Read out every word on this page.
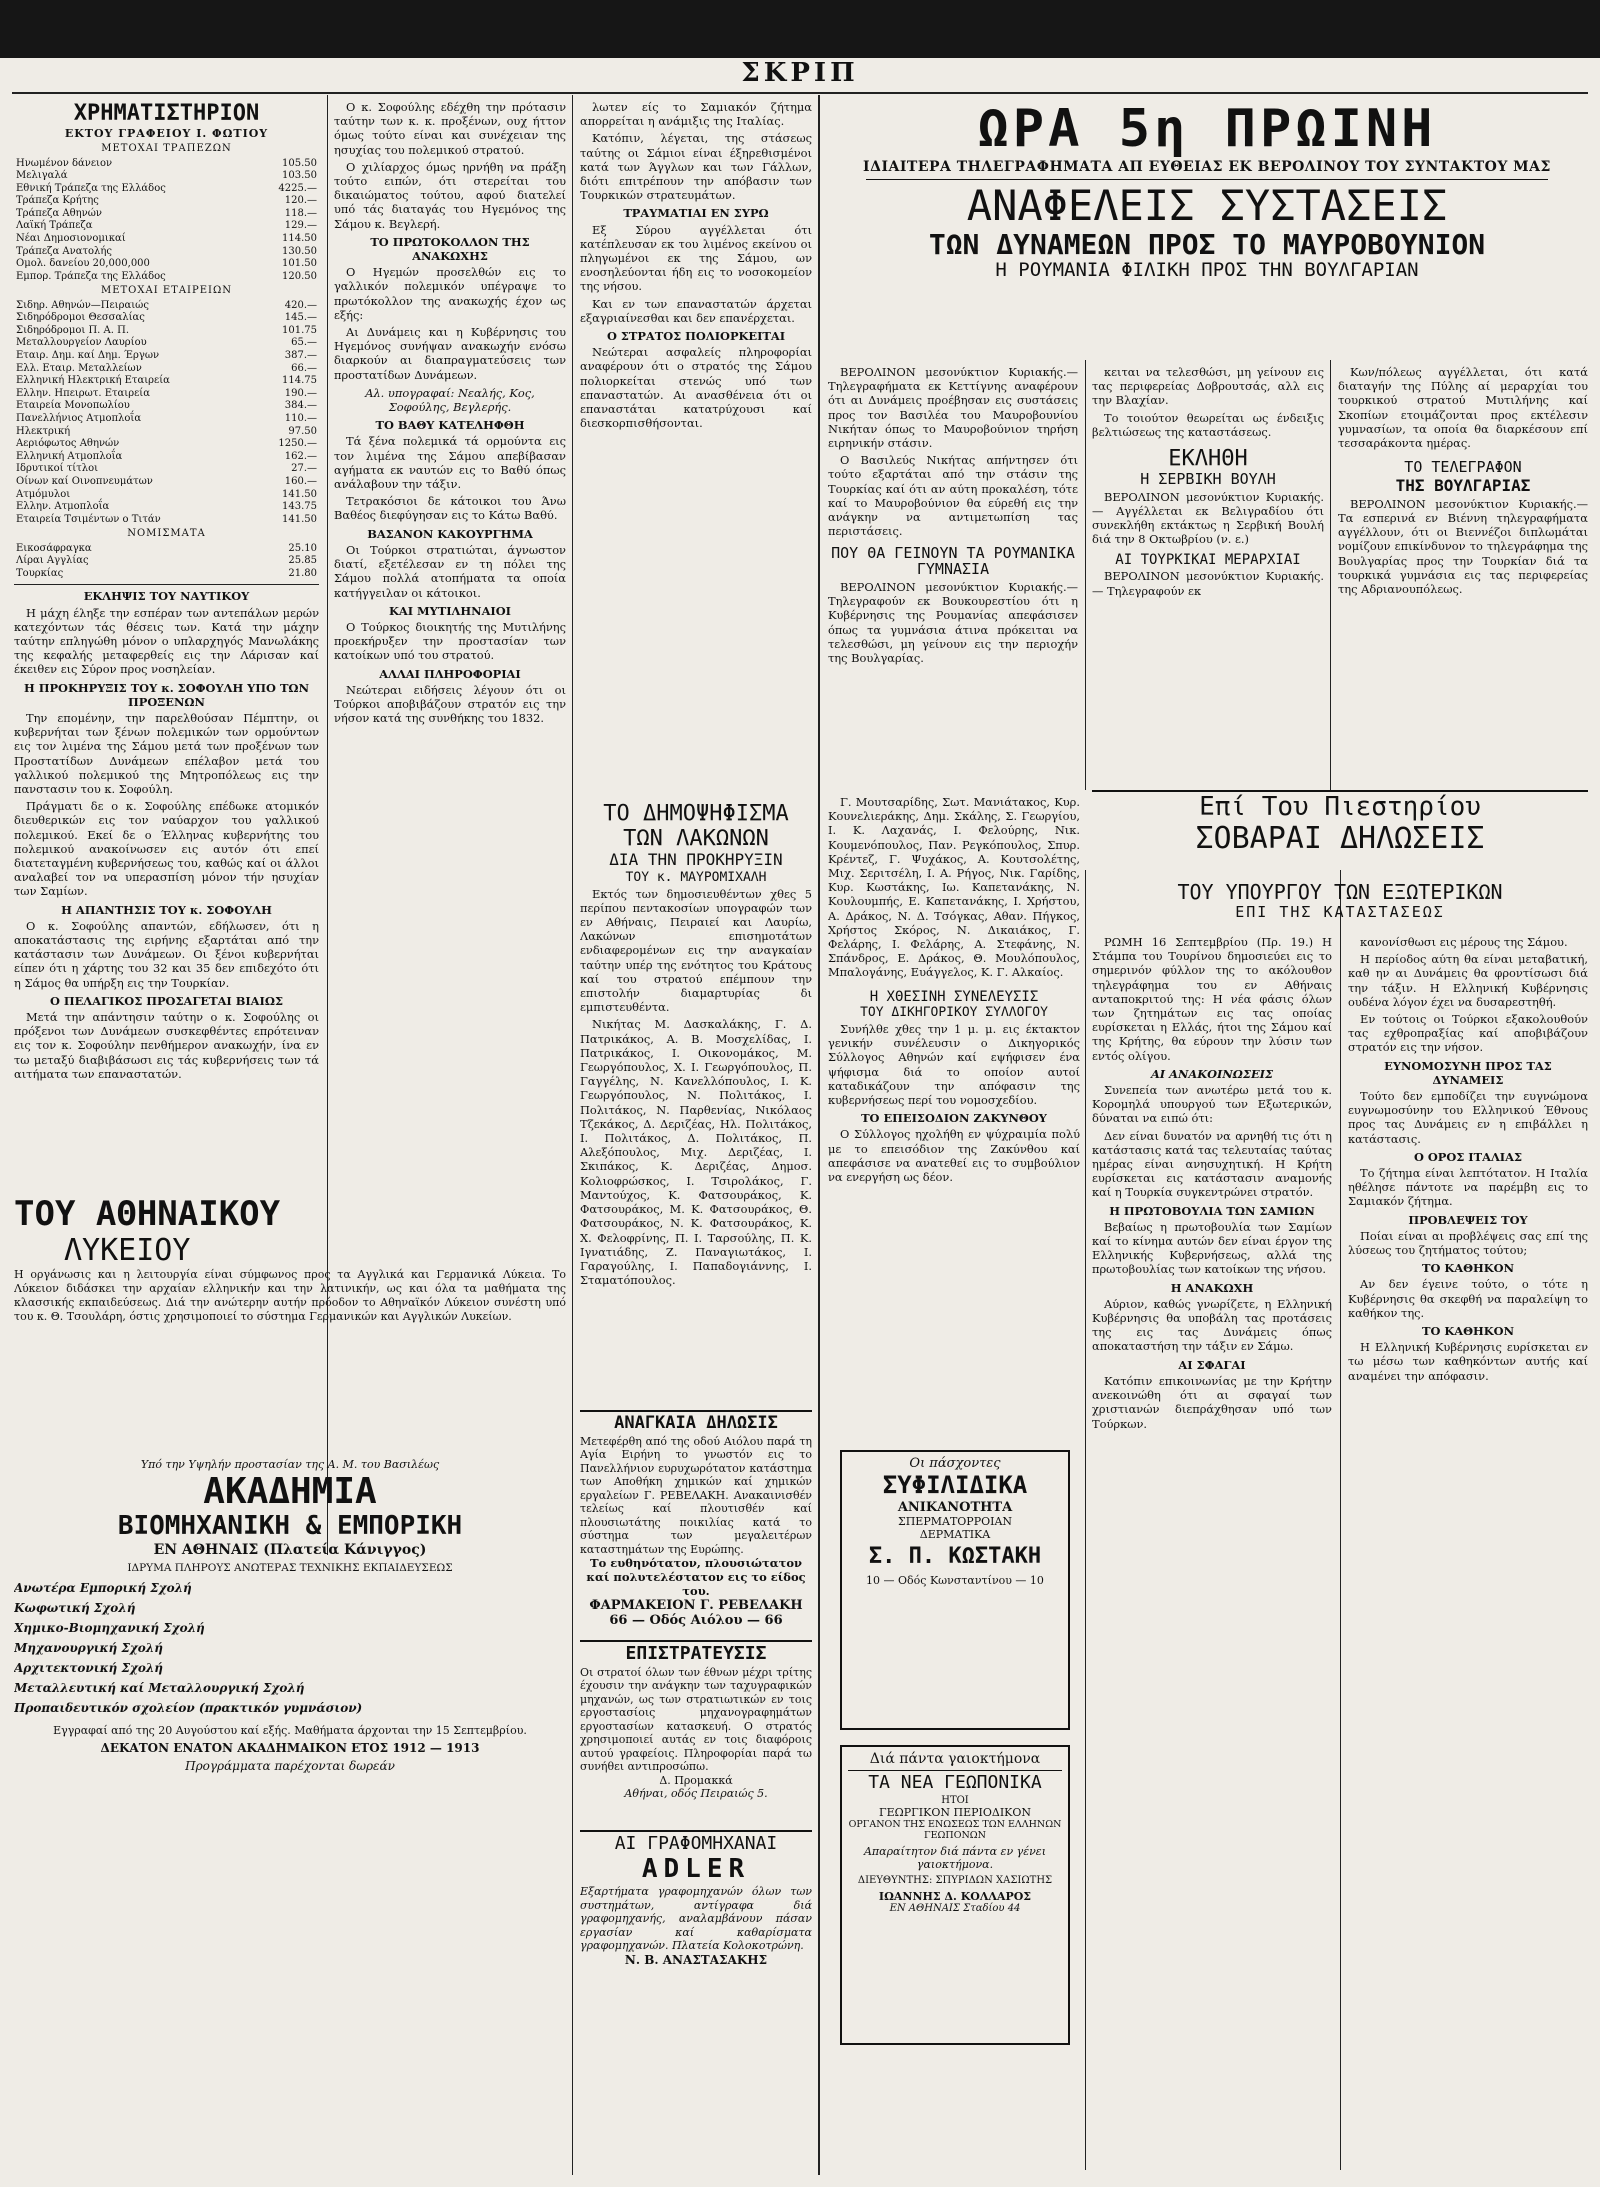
ΣΚΡΙΠ
ΧΡΗΜΑΤΙΣΤΗΡΙΟΝ
ΕΚΤΟΥ ΓΡΑΦΕΙΟΥ Ι. ΦΩΤΙΟΥ
ΜΕΤΟΧΑΙ ΤΡΑΠΕΖΩΝ
Ηνωμένον δάνειον	105.50
Μελιγαλά	103.50
Εθνική Τράπεζα της Ελλάδος	4225.—
Τράπεζα Κρήτης	120.—
Τράπεζα Αθηνών	118.—
Λαϊκή Τράπεζα	129.—
Νέαι Δημοσιονομικαί	114.50
Τράπεζα Ανατολής	130.50
Ομολ. δανείου 20,000,000	101.50
Εμπορ. Τράπεζα της Ελλάδος	120.50
ΜΕΤΟΧΑΙ ΕΤΑΙΡΕΙΩΝ
Σιδηρ. Αθηνών—Πειραιώς	420.—
Σιδηρόδρομοι Θεσσαλίας	145.—
Σιδηρόδρομοι Π. Α. Π.	101.75
Μεταλλουργείον Λαυρίου	65.—
Εταιρ. Δημ. καί Δημ. Έργων	387.—
Ελλ. Εταιρ. Μεταλλείων	66.—
Ελληνική Ηλεκτρική Εταιρεία	114.75
Ελλην. Ηπειρωτ. Εταιρεία	190.—
Εταιρεία Μονοπωλίου	384.—
Πανελλήνιος Ατμοπλοΐα	110.—
Ηλεκτρική	97.50
Αεριόφωτος Αθηνών	1250.—
Ελληνική Ατμοπλοΐα	162.—
Ιδρυτικοί τίτλοι	27.—
Οίνων καί Οινοπνευμάτων	160.—
Ατμόμυλοι	141.50
Ελλην. Ατμοπλοΐα	143.75
Εταιρεία Τσιμέντων ο Τιτάν	141.50
ΝΟΜΙΣΜΑΤΑ
Εικοσάφραγκα	25.10
Λίραι Αγγλίας	25.85
Τουρκίας	21.80
ΕΚΛΗΨΙΣ ΤΟΥ ΝΑΥΤΙΚΟΥ

Η μάχη έληξε την εσπέραν των αντεπάλων μερών κατεχόντων τάς θέσεις των. Κατά την μάχην ταύτην επληγώθη μόνον ο υπλαρχηγός Μανωλάκης της κεφαλής μεταφερθείς εις την Λάρισαν καί έκειθεν εις Σύρον προς νοσηλείαν.

Η ΠΡΟΚΗΡΥΞΙΣ ΤΟΥ κ. ΣΟΦΟΥΛΗ ΥΠΟ ΤΩΝ ΠΡΟΞΕΝΩΝ

Την επομένην, την παρελθούσαν Πέμπτην, οι κυβερνήται των ξένων πολεμικών των ορμούντων εις τον λιμένα της Σάμου μετά των προξένων των Προστατίδων Δυνάμεων επέλαβον μετά του γαλλικού πολεμικού της Μητροπόλεως εις την πανστασιν του κ. Σοφούλη.

Πράγματι δε ο κ. Σοφούλης επέδωκε ατομικόν διευθερικών εις τον ναύαρχον του γαλλικού πολεμικού. Εκεί δε ο Έλληνας κυβερνήτης του πολεμικού ανακοίνωσεν εις αυτόν ότι επεί διατεταγμένη κυβερνήσεως του, καθώς καί οι άλλοι αναλαβεί τον να υπερασπίση μόνον τήν ησυχίαν των Σαμίων.

Η ΑΠΑΝΤΗΣΙΣ ΤΟΥ κ. ΣΟΦΟΥΛΗ

Ο κ. Σοφούλης απαντών, εδήλωσεν, ότι η αποκατάστασις της ειρήνης εξαρτάται από την κατάστασιν των Δυνάμεων. Οι ξένοι κυβερνήται είπεν ότι η χάρτης του 32 και 35 δεν επιδεχότο ότι η Σάμος θα υπήρξη εις την Τουρκίαν.

Ο ΠΕΛΑΓΙΚΟΣ ΠΡΟΣΑΓΕΤΑΙ ΒΙΑΙΩΣ

Μετά την απάντησιν ταύτην ο κ. Σοφούλης οι πρόξενοι των Δυνάμεων συσκεφθέντες επρότειναν εις τον κ. Σοφούλην πενθήμερον ανακωχήν, ίνα εν τω μεταξύ διαβιβάσωσι εις τάς κυβερνήσεις των τά αιτήματα των επαναστατών.

Ο κ. Σοφούλης εδέχθη την πρότασιν ταύτην των κ. κ. προξένων, ουχ ήττον όμως τούτο είναι και συνέχειαν της ησυχίας του πολεμικού στρατού.

Ο χιλίαρχος όμως ηρνήθη να πράξη τούτο ειπών, ότι στερείται του δικαιώματος τούτου, αφού διατελεί υπό τάς διαταγάς του Ηγεμόνος της Σάμου κ. Βεγλερή.

ΤΟ ΠΡΩΤΟΚΟΛΛΟΝ ΤΗΣ ΑΝΑΚΩΧΗΣ

Ο Ηγεμών προσελθών εις το γαλλικόν πολεμικόν υπέγραψε το πρωτόκολλον της ανακωχής έχον ως εξής:

Αι Δυνάμεις και η Κυβέρνησις του Ηγεμόνος συνήψαν ανακωχήν ενόσω διαρκούν αι διαπραγματεύσεις των προστατίδων Δυνάμεων.

Αλ. υπογραφαί: Νεαλής, Κος, Σοφούλης, Βεγλερής.
ΤΟ ΒΑΘΥ ΚΑΤΕΛΗΦΘΗ

Τά ξένα πολεμικά τά ορμούντα εις τον λιμένα της Σάμου απεβίβασαν αγήματα εκ ναυτών εις το Βαθύ όπως ανάλαβουν την τάξιν.

Τετρακόσιοι δε κάτοικοι του Άνω Βαθέος διεφύγησαν εις το Κάτω Βαθύ.

ΒΑΣΑΝΟΝ ΚΑΚΟΥΡΓΗΜΑ

Οι Τούρκοι στρατιώται, άγνωστον διατί, εξετέλεσαν εν τη πόλει της Σάμου πολλά ατοπήματα τα οποία κατήγγειλαν οι κάτοικοι.

ΚΑΙ ΜΥΤΙΛΗΝΑΙΟΙ

Ο Τούρκος διοικητής της Μυτιλήνης προεκήρυξεν την προστασίαν των κατοίκων υπό του στρατού.

ΑΛΛΑΙ ΠΛΗΡΟΦΟΡΙΑΙ

Νεώτεραι ειδήσεις λέγουν ότι οι Τούρκοι αποβιβάζουν στρατόν εις την νήσον κατά της συνθήκης του 1832.

λωτεν είς το Σαμιακόν ζήτημα απορρείται η ανάμιξις της Ιταλίας.

Κατόπιν, λέγεται, της στάσεως ταύτης οι Σάμιοι είναι έξηρεθισμένοι κατά των Άγγλων και των Γάλλων, διότι επιτρέπουν την απόβασιν των Τουρκικών στρατευμάτων.

ΤΡΑΥΜΑΤΙΑΙ ΕΝ ΣΥΡΩ

Εξ Σύρου αγγέλλεται ότι κατέπλευσαν εκ του λιμένος εκείνου οι πληγωμένοι εκ της Σάμου, ων ενοσηλεύονται ήδη εις το νοσοκομείον της νήσου.

Και εν των επαναστατών άρχεται εξαγριαίνεσθαι και δεν επανέρχεται.

Ο ΣΤΡΑΤΟΣ ΠΟΛΙΟΡΚΕΙΤΑΙ

Νεώτεραι ασφαλείς πληροφορίαι αναφέρουν ότι ο στρατός της Σάμου πολιορκείται στενώς υπό των επαναστατών. Αι ανασθένεια ότι οι επαναστάται κατατρύχουσι καί διεσκορπισθήσονται.

ΤΟΥ ΑΘΗΝΑΙΚΟΥ
ΛΥΚΕΙΟΥ
Η οργάνωσις και η λειτουργία είναι σύμφωνος προς τα Αγγλικά και Γερμανικά Λύκεια. Το Λύκειον διδάσκει την αρχαίαν ελληνικήν και την λατινικήν, ως και όλα τα μαθήματα της κλασσικής εκπαιδεύσεως. Διά την ανώτερην αυτήν πρόοδον το Αθηναϊκόν Λύκειον συνέστη υπό του κ. Θ. Τσουλάρη, όστις χρησιμοποιεί το σύστημα Γερμανικών και Αγγλικών Λυκείων.
Υπό την Υψηλήν προστασίαν της Α. Μ. του Βασιλέως
ΑΚΑΔΗΜΙΑ
ΒΙΟΜΗΧΑΝΙΚΗ & ΕΜΠΟΡΙΚΗ
ΕΝ ΑΘΗΝΑΙΣ (Πλατεία Κάνιγγος)
ΙΔΡΥΜΑ ΠΛΗΡΟΥΣ ΑΝΩΤΕΡΑΣ ΤΕΧΝΙΚΗΣ ΕΚΠΑΙΔΕΥΣΕΩΣ
Ανωτέρα Εμπορική Σχολή
Κωφωτική Σχολή
Χημικο-Βιομηχανική Σχολή
Μηχανουργική Σχολή
Αρχιτεκτονική Σχολή
Μεταλλευτική καί Μεταλλουργική Σχολή
Προπαιδευτικόν σχολείον (πρακτικόν γυμνάσιον)
Εγγραφαί από της 20 Αυγούστου καί εξής. Μαθήματα άρχονται την 15 Σεπτεμβρίου.
ΔΕΚΑΤΟΝ ΕΝΑΤΟΝ ΑΚΑΔΗΜΑΙΚΟΝ ΕΤΟΣ 1912 — 1913
Προγράμματα παρέχονται δωρεάν
ΤΟ ΔΗΜΟΨΗΦΙΣΜΑ
ΤΩΝ ΛΑΚΩΝΩΝ
ΔΙΑ ΤΗΝ ΠΡΟΚΗΡΥΞΙΝ
ΤΟΥ κ. ΜΑΥΡΟΜΙΧΑΛΗ

Εκτός των δημοσιευθέντων χθες 5 περίπου πεντακοσίων υπογραφών των εν Αθήναις, Πειραιεί και Λαυρίω, Λακώνων επισημοτάτων ενδιαφερομένων εις την αναγκαίαν ταύτην υπέρ της ενότητος του Κράτους καί του στρατού επέμπουν την επιστολήν διαμαρτυρίας δι εμπιστευθέντα.

Νικήτας Μ. Δασκαλάκης, Γ. Δ. Πατρικάκος, Α. Β. Μοσχελίδας, Ι. Πατρικάκος, Ι. Οικονομάκος, Μ. Γεωργόπουλος, Χ. Ι. Γεωργόπουλος, Π. Γαγγέλης, Ν. Κανελλόπουλος, Ι. Κ. Γεωργόπουλος, Ν. Πολιτάκος, Ι. Πολιτάκος, Ν. Παρθενίας, Νικόλαος Τζεκάκος, Δ. Δεριζέας, Ηλ. Πολιτάκος, Ι. Πολιτάκος, Δ. Πολιτάκος, Π. Αλεξόπουλος, Μιχ. Δεριζέας, Ι. Σκιπάκος, Κ. Δεριζέας, Δημοσ. Κολιοφρώσκος, Ι. Τσιρολάκος, Γ. Μαντούχος, Κ. Φατσουράκος, Κ. Φατσουράκος, Μ. Κ. Φατσουράκος, Θ. Φατσουράκος, Ν. Κ. Φατσουράκος, Κ. Χ. Φελοφρίνης, Π. Ι. Ταρσούλης, Π. Κ. Ιγνατιάδης, Ζ. Παναγιωτάκος, Ι. Γαραγούλης, Ι. Παπαδογιάννης, Ι. Σταματόπουλος.

ΑΝΑΓΚΑΙΑ ΔΗΛΩΣΙΣ
Μετεφέρθη από της οδού Αιόλου παρά τη Αγία Ειρήνη το γνωστόν εις το Πανελλήνιον ευρυχωρότατον κατάστημα των Αποθήκη χημικών καί χημικών εργαλείων Γ. ΡΕΒΕΛΑΚΗ. Ανακαινισθέν τελείως καί πλουτισθέν καί πλουσιωτάτης ποικιλίας κατά το σύστημα των μεγαλειτέρων καταστημάτων της Ευρώπης.
Το ευθηνότατον, πλουσιώτατον καί πολυτελέστατον εις το είδος του.
ΦΑΡΜΑΚΕΙΟΝ Γ. ΡΕΒΕΛΑΚΗ
66 — Οδός Αιόλου — 66
ΕΠΙΣΤΡΑΤΕΥΣΙΣ
Οι στρατοί όλων των έθνων μέχρι τρίτης έχουσιν την ανάγκην των ταχυγραφικών μηχανών, ως των στρατιωτικών εν τοις εργοστασίοις μηχανογραφημάτων εργοστασίων κατασκευή. Ο στρατός χρησιμοποιεί αυτάς εν τοις διαφόροις αυτού γραφείοις. Πληροφορίαι παρά τω συνήθει αντιπροσώπω.
Δ. Προμακκά
Αθήναι, οδός Πειραιώς 5.
ΑΙ ΓΡΑΦΟΜΗΧΑΝΑΙ
ADLER
Εξαρτήματα γραφομηχανών όλων των συστημάτων, αντίγραφα διά γραφομηχανής, αναλαμβάνουν πάσαν εργασίαν καί καθαρίσματα γραφομηχανών. Πλατεία Κολοκοτρώνη.
Ν. Β. ΑΝΑΣΤΑΣΑΚΗΣ
ΩΡΑ 5η ΠΡΩΙΝΗ
ΙΔΙΑΙΤΕΡΑ ΤΗΛΕΓΡΑΦΗΜΑΤΑ ΑΠ ΕΥΘΕΙΑΣ ΕΚ ΒΕΡΟΛΙΝΟΥ ΤΟΥ ΣΥΝΤΑΚΤΟΥ ΜΑΣ
ΑΝΑΦΕΛΕΙΣ ΣΥΣΤΑΣΕΙΣ
ΤΩΝ ΔΥΝΑΜΕΩΝ ΠΡΟΣ ΤΟ ΜΑΥΡΟΒΟΥΝΙΟΝ
Η ΡΟΥΜΑΝΙΑ ΦΙΛΙΚΗ ΠΡΟΣ ΤΗΝ ΒΟΥΛΓΑΡΙΑΝ

ΒΕΡΟΛΙΝΟΝ μεσονύκτιον Κυριακής.— Τηλεγραφήματα εκ Κεττίγνης αναφέρουν ότι αι Δυνάμεις προέβησαν εις συστάσεις προς τον Βασιλέα του Μαυροβουνίου Νικήταν όπως το Μαυροβούνιον τηρήση ειρηνικήν στάσιν.

Ο Βασιλεύς Νικήτας απήντησεν ότι τούτο εξαρτάται από την στάσιν της Τουρκίας καί ότι αν αύτη προκαλέση, τότε καί το Μαυροβούνιον θα εύρεθή εις την ανάγκην να αντιμετωπίση τας περιστάσεις.

ΠΟΥ ΘΑ ΓΕΙΝΟΥΝ ΤΑ ΡΟΥΜΑΝΙΚΑ ΓΥΜΝΑΣΙΑ

ΒΕΡΟΛΙΝΟΝ μεσονύκτιον Κυριακής.— Τηλεγραφούν εκ Βουκουρεστίου ότι η Κυβέρνησις της Ρουμανίας απεφάσισεν όπως τα γυμνάσια άτινα πρόκειται να τελεσθώσι, μη γείνουν εις την περιοχήν της Βουλγαρίας.

κειται να τελεσθώσι, μη γείνουν εις τας περιφερείας Δοβρουτσάς, αλλ εις την Βλαχίαν.

Το τοιούτον θεωρείται ως ένδειξις βελτιώσεως της καταστάσεως.

ΕΚΛΗΘΗ
Η ΣΕΡΒΙΚΗ ΒΟΥΛΗ

ΒΕΡΟΛΙΝΟΝ μεσονύκτιον Κυριακής.— Αγγέλλεται εκ Βελιγραδίου ότι συνεκλήθη εκτάκτως η Σερβική Βουλή διά την 8 Οκτωβρίου (ν. ε.)

ΑΙ ΤΟΥΡΚΙΚΑΙ ΜΕΡΑΡΧΙΑΙ

ΒΕΡΟΛΙΝΟΝ μεσονύκτιον Κυριακής.— Τηλεγραφούν εκ

Κων/πόλεως αγγέλλεται, ότι κατά διαταγήν της Πύλης αί μεραρχίαι του τουρκικού στρατού Μυτιλήνης καί Σκοπίων ετοιμάζονται προς εκτέλεσιν γυμνασίων, τα οποία θα διαρκέσουν επί τεσσαράκοντα ημέρας.

ΤΟ ΤΕΛΕΓΡΑΦΟΝ
ΤΗΣ ΒΟΥΛΓΑΡΙΑΣ

ΒΕΡΟΛΙΝΟΝ μεσονύκτιον Κυριακής.— Τα εσπερινά εν Βιέννη τηλεγραφήματα αγγέλλουν, ότι οι Βιεννέζοι διπλωμάται νομίζουν επικίνδυνον το τηλεγράφημα της Βουλγαρίας προς την Τουρκίαν διά τα τουρκικά γυμνάσια εις τας περιφερείας της Αδριανουπόλεως.

Επί Του Πιεστηρίου
ΣΟΒΑΡΑΙ ΔΗΛΩΣΕΙΣ
ΤΟΥ ΥΠΟΥΡΓΟΥ ΤΩΝ ΕΞΩΤΕΡΙΚΩΝ
ΕΠΙ ΤΗΣ ΚΑΤΑΣΤΑΣΕΩΣ

Γ. Μουτσαρίδης, Σωτ. Μανιάτακος, Κυρ. Κουνελιεράκης, Δημ. Σκάλης, Σ. Γεωργίου, Ι. Κ. Λαχανάς, Ι. Φελούρης, Νικ. Κουμενόπουλος, Παν. Ρεγκόπουλος, Σπυρ. Κρέντεζ, Γ. Ψυχάκος, Α. Κουτσολέτης, Μιχ. Σεριτσέλη, Ι. Α. Ρήγος, Νικ. Γαρίδης, Κυρ. Κωστάκης, Ιω. Καπετανάκης, Ν. Κουλουμπής, Ε. Καπετανάκης, Ι. Χρήστου, Α. Δράκος, Ν. Δ. Τσόγκας, Αθαν. Πήγκος, Χρήστος Σκόρος, Ν. Δικαιάκος, Γ. Φελάρης, Ι. Φελάρης, Α. Στεφάνης, Ν. Σπάνδρος, Ε. Δράκος, Θ. Μουλόπουλος, Μπαλογάνης, Ευάγγελος, Κ. Γ. Αλκαίος.

Η ΧΘΕΣΙΝΗ ΣΥΝΕΛΕΥΣΙΣ
ΤΟΥ ΔΙΚΗΓΟΡΙΚΟΥ ΣΥΛΛΟΓΟΥ

Συνήλθε χθες την 1 μ. μ. εις έκτακτον γενικήν συνέλευσιν ο Δικηγορικός Σύλλογος Αθηνών καί εψήφισεν ένα ψήφισμα διά το οποίον αυτοί καταδικάζουν την απόφασιν της κυβερνήσεως περί του νομοσχεδίου.

ΤΟ ΕΠΕΙΣΟΔΙΟΝ ΖΑΚΥΝΘΟΥ

Ο Σύλλογος ηχολήθη εν ψύχραιμία πολύ με το επεισόδιον της Ζακύνθου καί απεφάσισε να ανατεθεί εις το συμβούλιον να ενεργήση ως δέον.

Οι πάσχοντες
ΣΥΦΙΛΙΔΙΚΑ
ΑΝΙΚΑΝΟΤΗΤΑ
ΣΠΕΡΜΑΤΟΡΡΟΙΑΝ
ΔΕΡΜΑΤΙΚΑ
Σ. Π. ΚΩΣΤΑΚΗ
10 — Οδός Κωνσταντίνου — 10
Διά πάντα γαιοκτήμονα
ΤΑ ΝΕΑ ΓΕΩΠΟΝΙΚΑ
ΗΤΟΙ
ΓΕΩΡΓΙΚΟΝ ΠΕΡΙΟΔΙΚΟΝ
ΟΡΓΑΝΟΝ ΤΗΣ ΕΝΩΣΕΩΣ ΤΩΝ ΕΛΛΗΝΩΝ ΓΕΩΠΟΝΩΝ
Απαραίτητον διά πάντα εν γένει γαιοκτήμονα.
ΔΙΕΥΘΥΝΤΗΣ: ΣΠΥΡΙΔΩΝ ΧΑΣΙΩΤΗΣ
ΙΩΑΝΝΗΣ Δ. ΚΟΛΛΑΡΟΣ
ΕΝ ΑΘΗΝΑΙΣ Σταδίου 44

ΡΩΜΗ 16 Σεπτεμβρίου (Πρ. 19.) Η Στάμπα του Τουρίνου δημοσιεύει εις το σημερινόν φύλλον της το ακόλουθον τηλεγράφημα του εν Αθήναις ανταποκριτού της: Η νέα φάσις όλων των ζητημάτων εις τας οποίας ευρίσκεται η Ελλάς, ήτοι της Σάμου καί της Κρήτης, θα εύρουν την λύσιν των εντός ολίγου.

ΑΙ ΑΝΑΚΟΙΝΩΣΕΙΣ

Συνεπεία των ανωτέρω μετά του κ. Κορομηλά υπουργού των Εξωτερικών, δύναται να ειπώ ότι:

Δεν είναι δυνατόν να αρνηθή τις ότι η κατάστασις κατά τας τελευταίας ταύτας ημέρας είναι ανησυχητική. Η Κρήτη ευρίσκεται εις κατάστασιν αναμονής καί η Τουρκία συγκεντρώνει στρατόν.

Η ΠΡΩΤΟΒΟΥΛΙΑ ΤΩΝ ΣΑΜΙΩΝ

Βεβαίως η πρωτοβουλία των Σαμίων καί το κίνημα αυτών δεν είναι έργον της Ελληνικής Κυβερνήσεως, αλλά της πρωτοβουλίας των κατοίκων της νήσου.

Η ΑΝΑΚΩΧΗ

Αύριον, καθώς γνωρίζετε, η Ελληνική Κυβέρνησις θα υποβάλη τας προτάσεις της εις τας Δυνάμεις όπως αποκαταστήση την τάξιν εν Σάμω.

ΑΙ ΣΦΑΓΑΙ

Κατόπιν επικοινωνίας με την Κρήτην ανεκοινώθη ότι αι σφαγαί των χριστιανών διεπράχθησαν υπό των Τούρκων.

κανονίσθωσι εις μέρους της Σάμου.

Η περίοδος αύτη θα είναι μεταβατική, καθ ην αι Δυνάμεις θα φροντίσωσι διά την τάξιν. Η Ελληνική Κυβέρνησις ουδένα λόγον έχει να δυσαρεστηθή.

Εν τούτοις οι Τούρκοι εξακολουθούν τας εχθροπραξίας καί αποβιβάζουν στρατόν εις την νήσον.

ΕΥΝΟΜΟΣΥΝΗ ΠΡΟΣ ΤΑΣ ΔΥΝΑΜΕΙΣ

Τούτο δεν εμποδίζει την ευγνώμονα ευγνωμοσύνην του Ελληνικού Έθνους προς τας Δυνάμεις εν η επιβάλλει η κατάστασις.

Ο ΟΡΟΣ ΙΤΑΛΙΑΣ

Το ζήτημα είναι λεπτότατον. Η Ιταλία ηθέλησε πάντοτε να παρέμβη εις το Σαμιακόν ζήτημα.

ΠΡΟΒΛΕΨΕΙΣ ΤΟΥ

Ποίαι είναι αι προβλέψεις σας επί της λύσεως του ζητήματος τούτου;

ΤΟ ΚΑΘΗΚΟΝ

Αν δεν έγεινε τούτο, ο τότε η Κυβέρνησις θα σκεφθή να παραλείψη το καθήκον της.

ΤΟ ΚΑΘΗΚΟΝ

Η Ελληνική Κυβέρνησις ευρίσκεται εν τω μέσω των καθηκόντων αυτής καί αναμένει την απόφασιν.
